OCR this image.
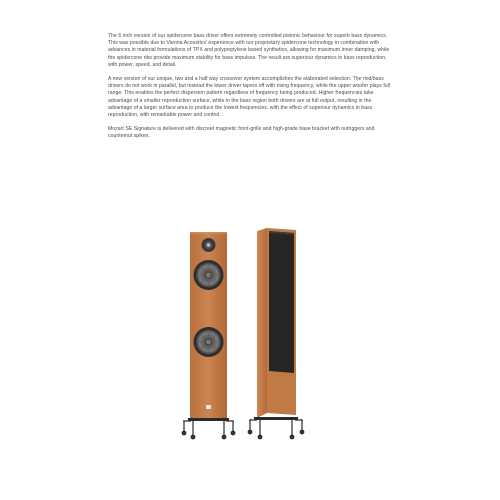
The 6 inch version of our spidercone bass driver offers extremely controlled pistonic behaviour for superb bass dynamics. This was possible due to Vienna Acoustics' experience with our proprietary spidercone technology in combination with advances in material formulations of TPX and polypropylene based synthetics, allowing for maximum inner damping, while the spidercone ribs provide maximum stability for bass impulses. The result are superiour dynamics in bass reproduction, with power, speed, and detail.

A new version of our unique, two and a half way crossover system accomplishes the elaborated selection. The mid/bass drivers do not work in parallel, but instead the lower driver tapers off with rising frequency, while the upper woofer plays full range. This enables the perfect dispersion pattern regardless of frequency being produced. Higher frequencies take advantage of a smaller reproduction surface, while in the bass region both drivers are at full output, resulting in the advantage of a larger surface area to produce the lowest frequencies, with the effect of superiour dynamics in bass reproduction, with remarkable power and control.

Mozart SE Signature is delivered with discreet magnetic front-grille and high-grade base bracket with outriggers and countemut spikes.
